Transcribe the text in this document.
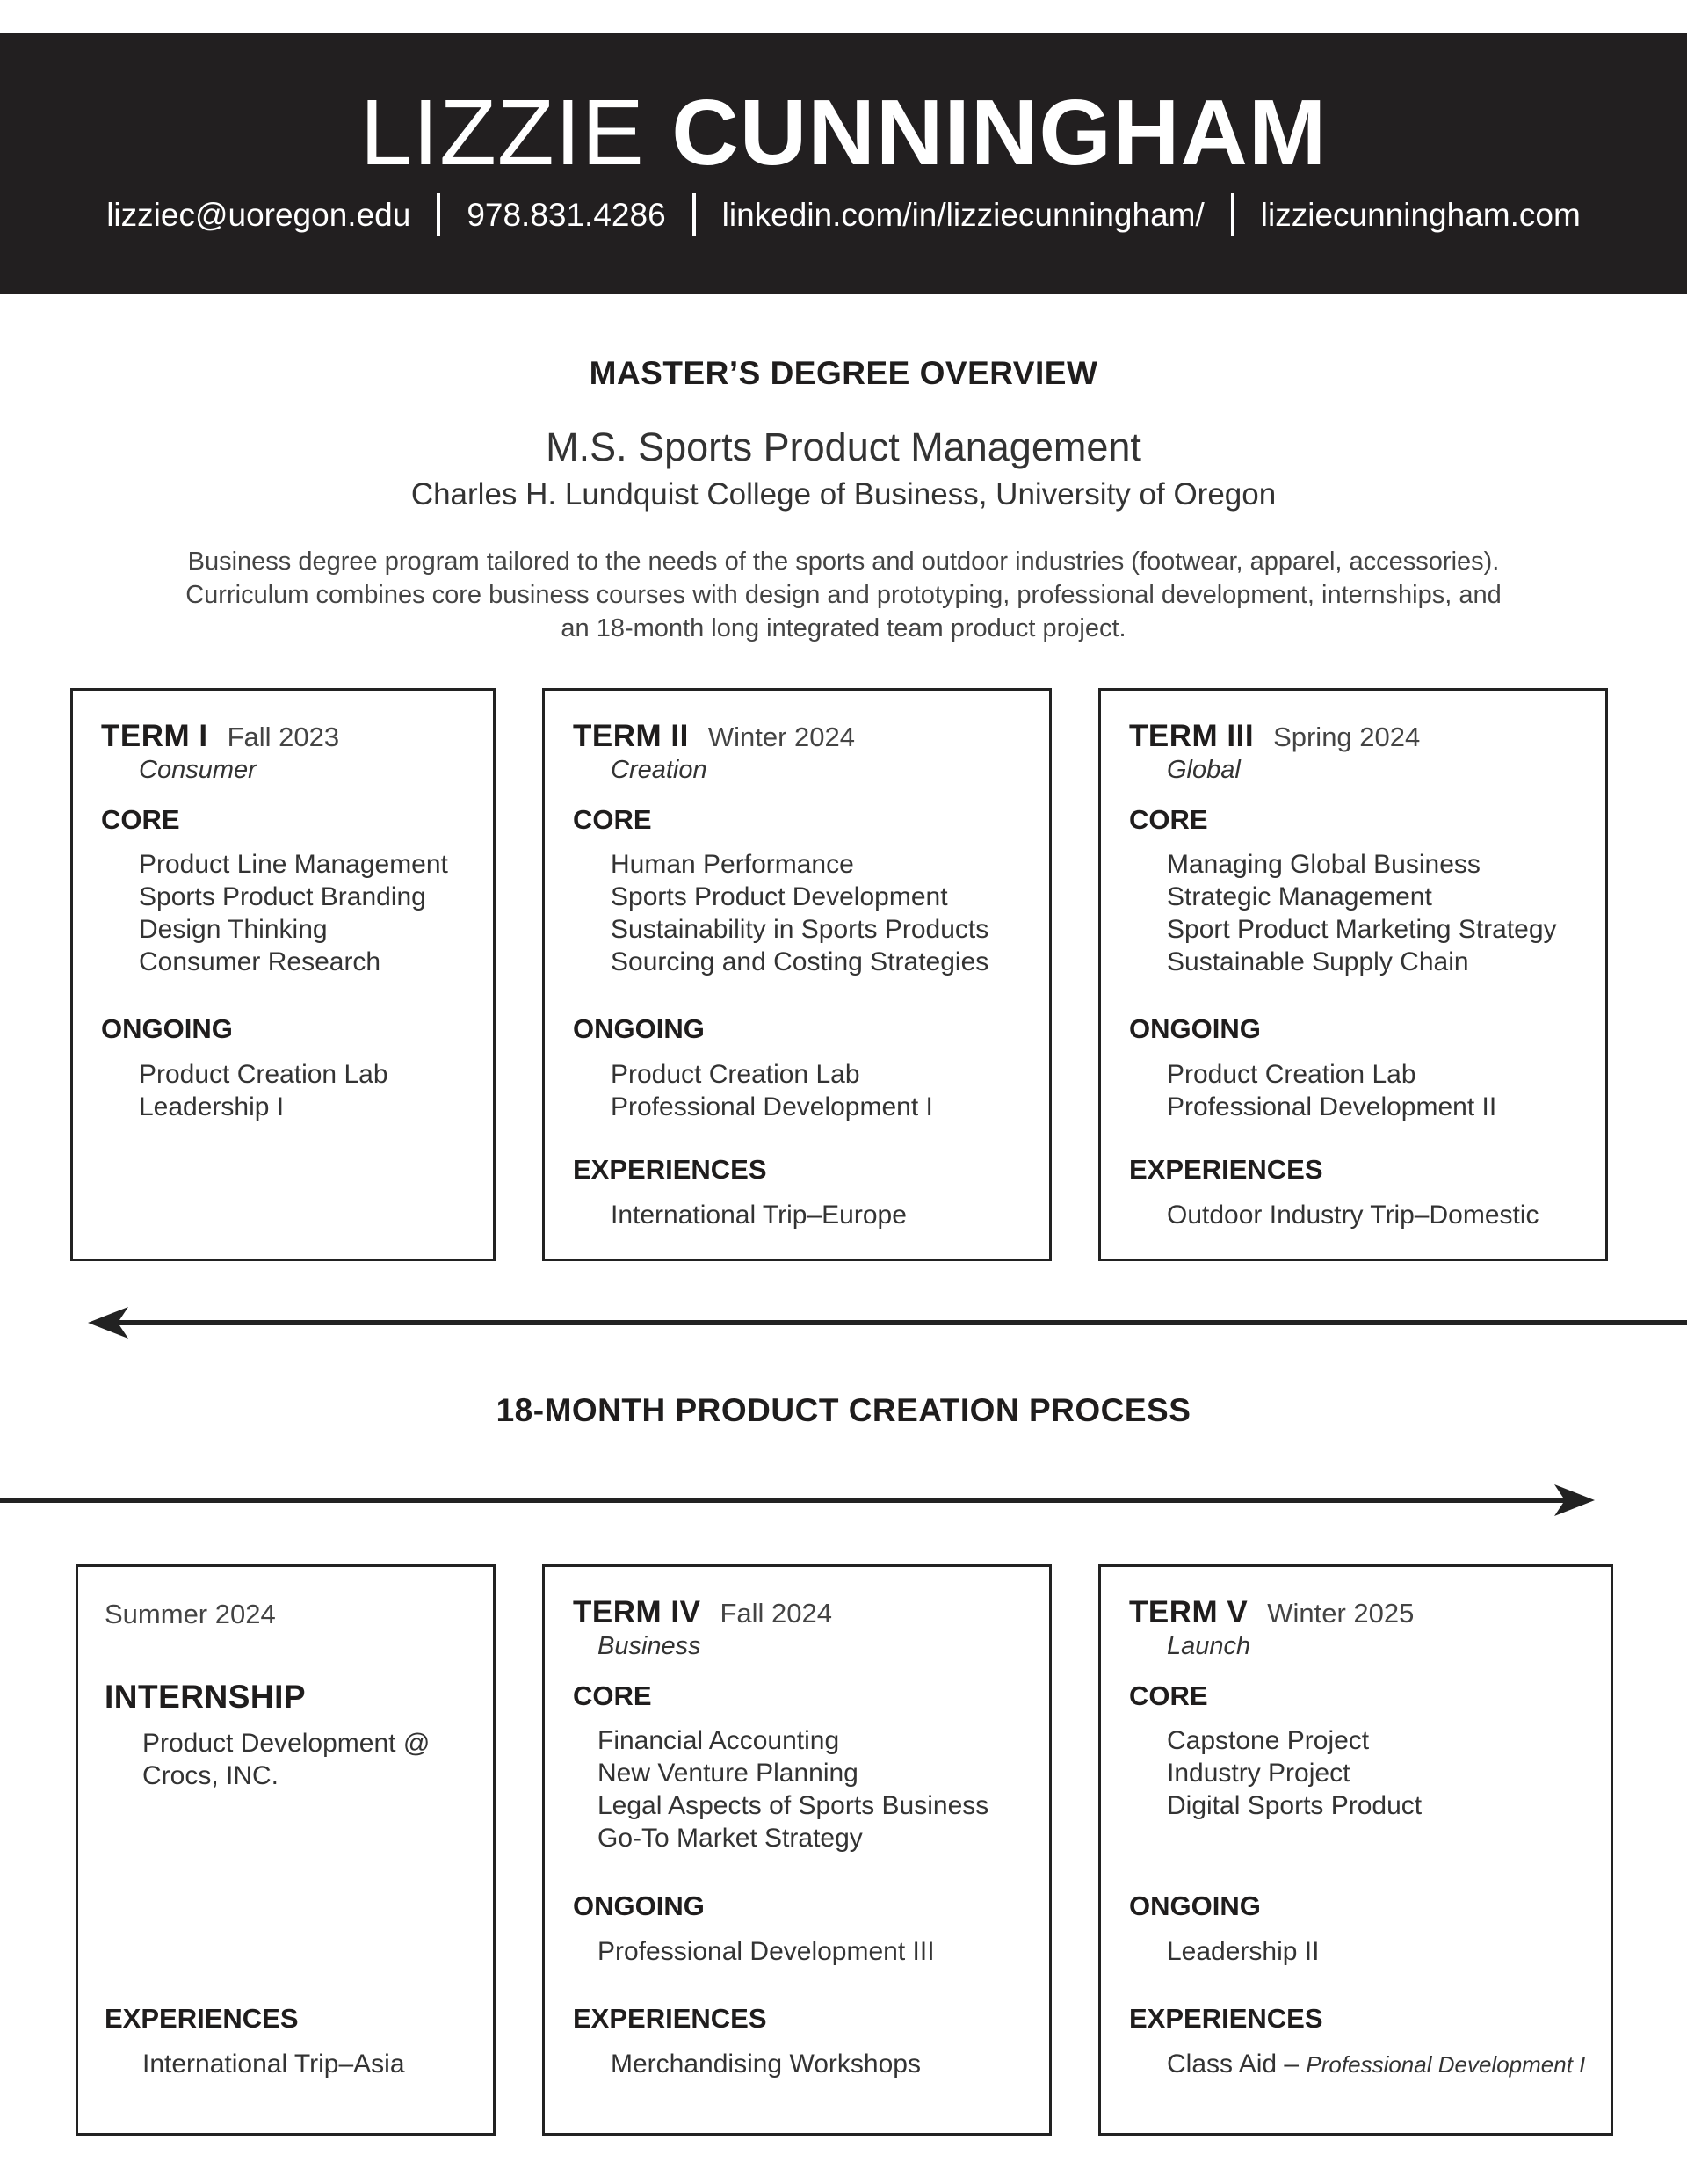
LIZZIE CUNNINGHAM
lizziec@uoregon.edu 978.831.4286 linkedin.com/in/lizziecunningham/ lizziecunningham.com
MASTER’S DEGREE OVERVIEW
M.S. Sports Product Management
Charles H. Lundquist College of Business, University of Oregon
Business degree program tailored to the needs of the sports and outdoor industries (footwear, apparel, accessories).
Curriculum combines core business courses with design and prototyping, professional development, internships, and
an 18-month long integrated team product project.
TERM I Fall 2023
Consumer
CORE
Product Line Management
Sports Product Branding
Design Thinking
Consumer Research
ONGOING
Product Creation Lab
Leadership I
TERM II Winter 2024
Creation
CORE
Human Performance
Sports Product Development
Sustainability in Sports Products
Sourcing and Costing Strategies
ONGOING
Product Creation Lab
Professional Development I
EXPERIENCES
International Trip–Europe
TERM III Spring 2024
Global
CORE
Managing Global Business
Strategic Management
Sport Product Marketing Strategy
Sustainable Supply Chain
ONGOING
Product Creation Lab
Professional Development II
EXPERIENCES
Outdoor Industry Trip–Domestic
18-MONTH PRODUCT CREATION PROCESS
Summer 2024
INTERNSHIP
Product Development @
Crocs, INC.
EXPERIENCES
International Trip–Asia
TERM IV Fall 2024
Business
CORE
Financial Accounting
New Venture Planning
Legal Aspects of Sports Business
Go-To Market Strategy
ONGOING
Professional Development III
EXPERIENCES
Merchandising Workshops
TERM V Winter 2025
Launch
CORE
Capstone Project
Industry Project
Digital Sports Product
ONGOING
Leadership II
EXPERIENCES
Class Aid – Professional Development I
